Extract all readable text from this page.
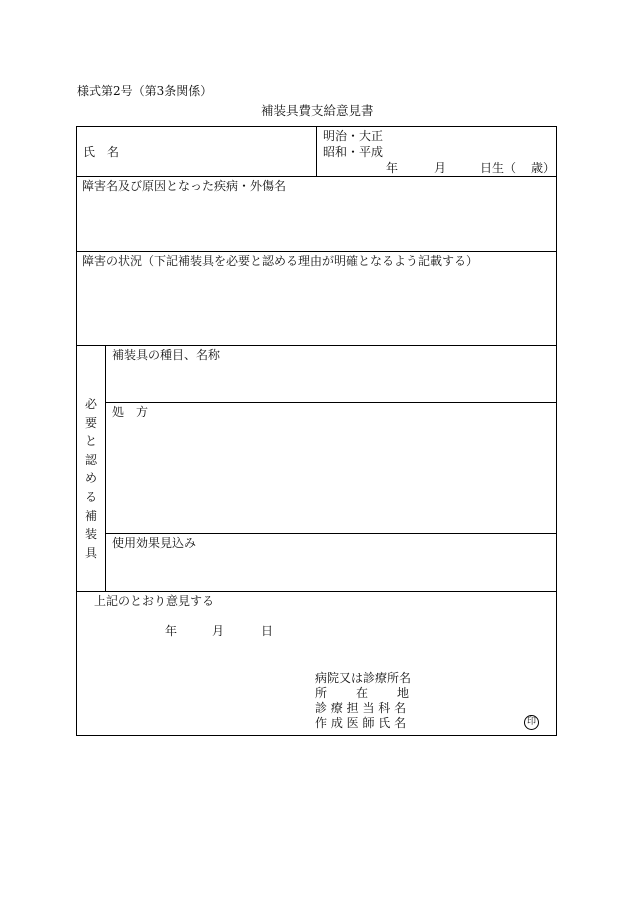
様式第2号（第3条関係）
補装具費支給意見書
氏　名
明治・大正
昭和・平成
年	月	日生（ 歳）
障害名及び原因となった疾病・外傷名
障害の状況（下記補装具を必要と認める理由が明確となるよう記載する）
必
要
と
認
め
る
補
装
具
補装具の種目、名称
処　方
使用効果見込み
上記のとおり意見する
年	月	日
病院又は診療所名
所 在 地
診 療 担 当 科 名
作 成 医 師 氏 名	印
